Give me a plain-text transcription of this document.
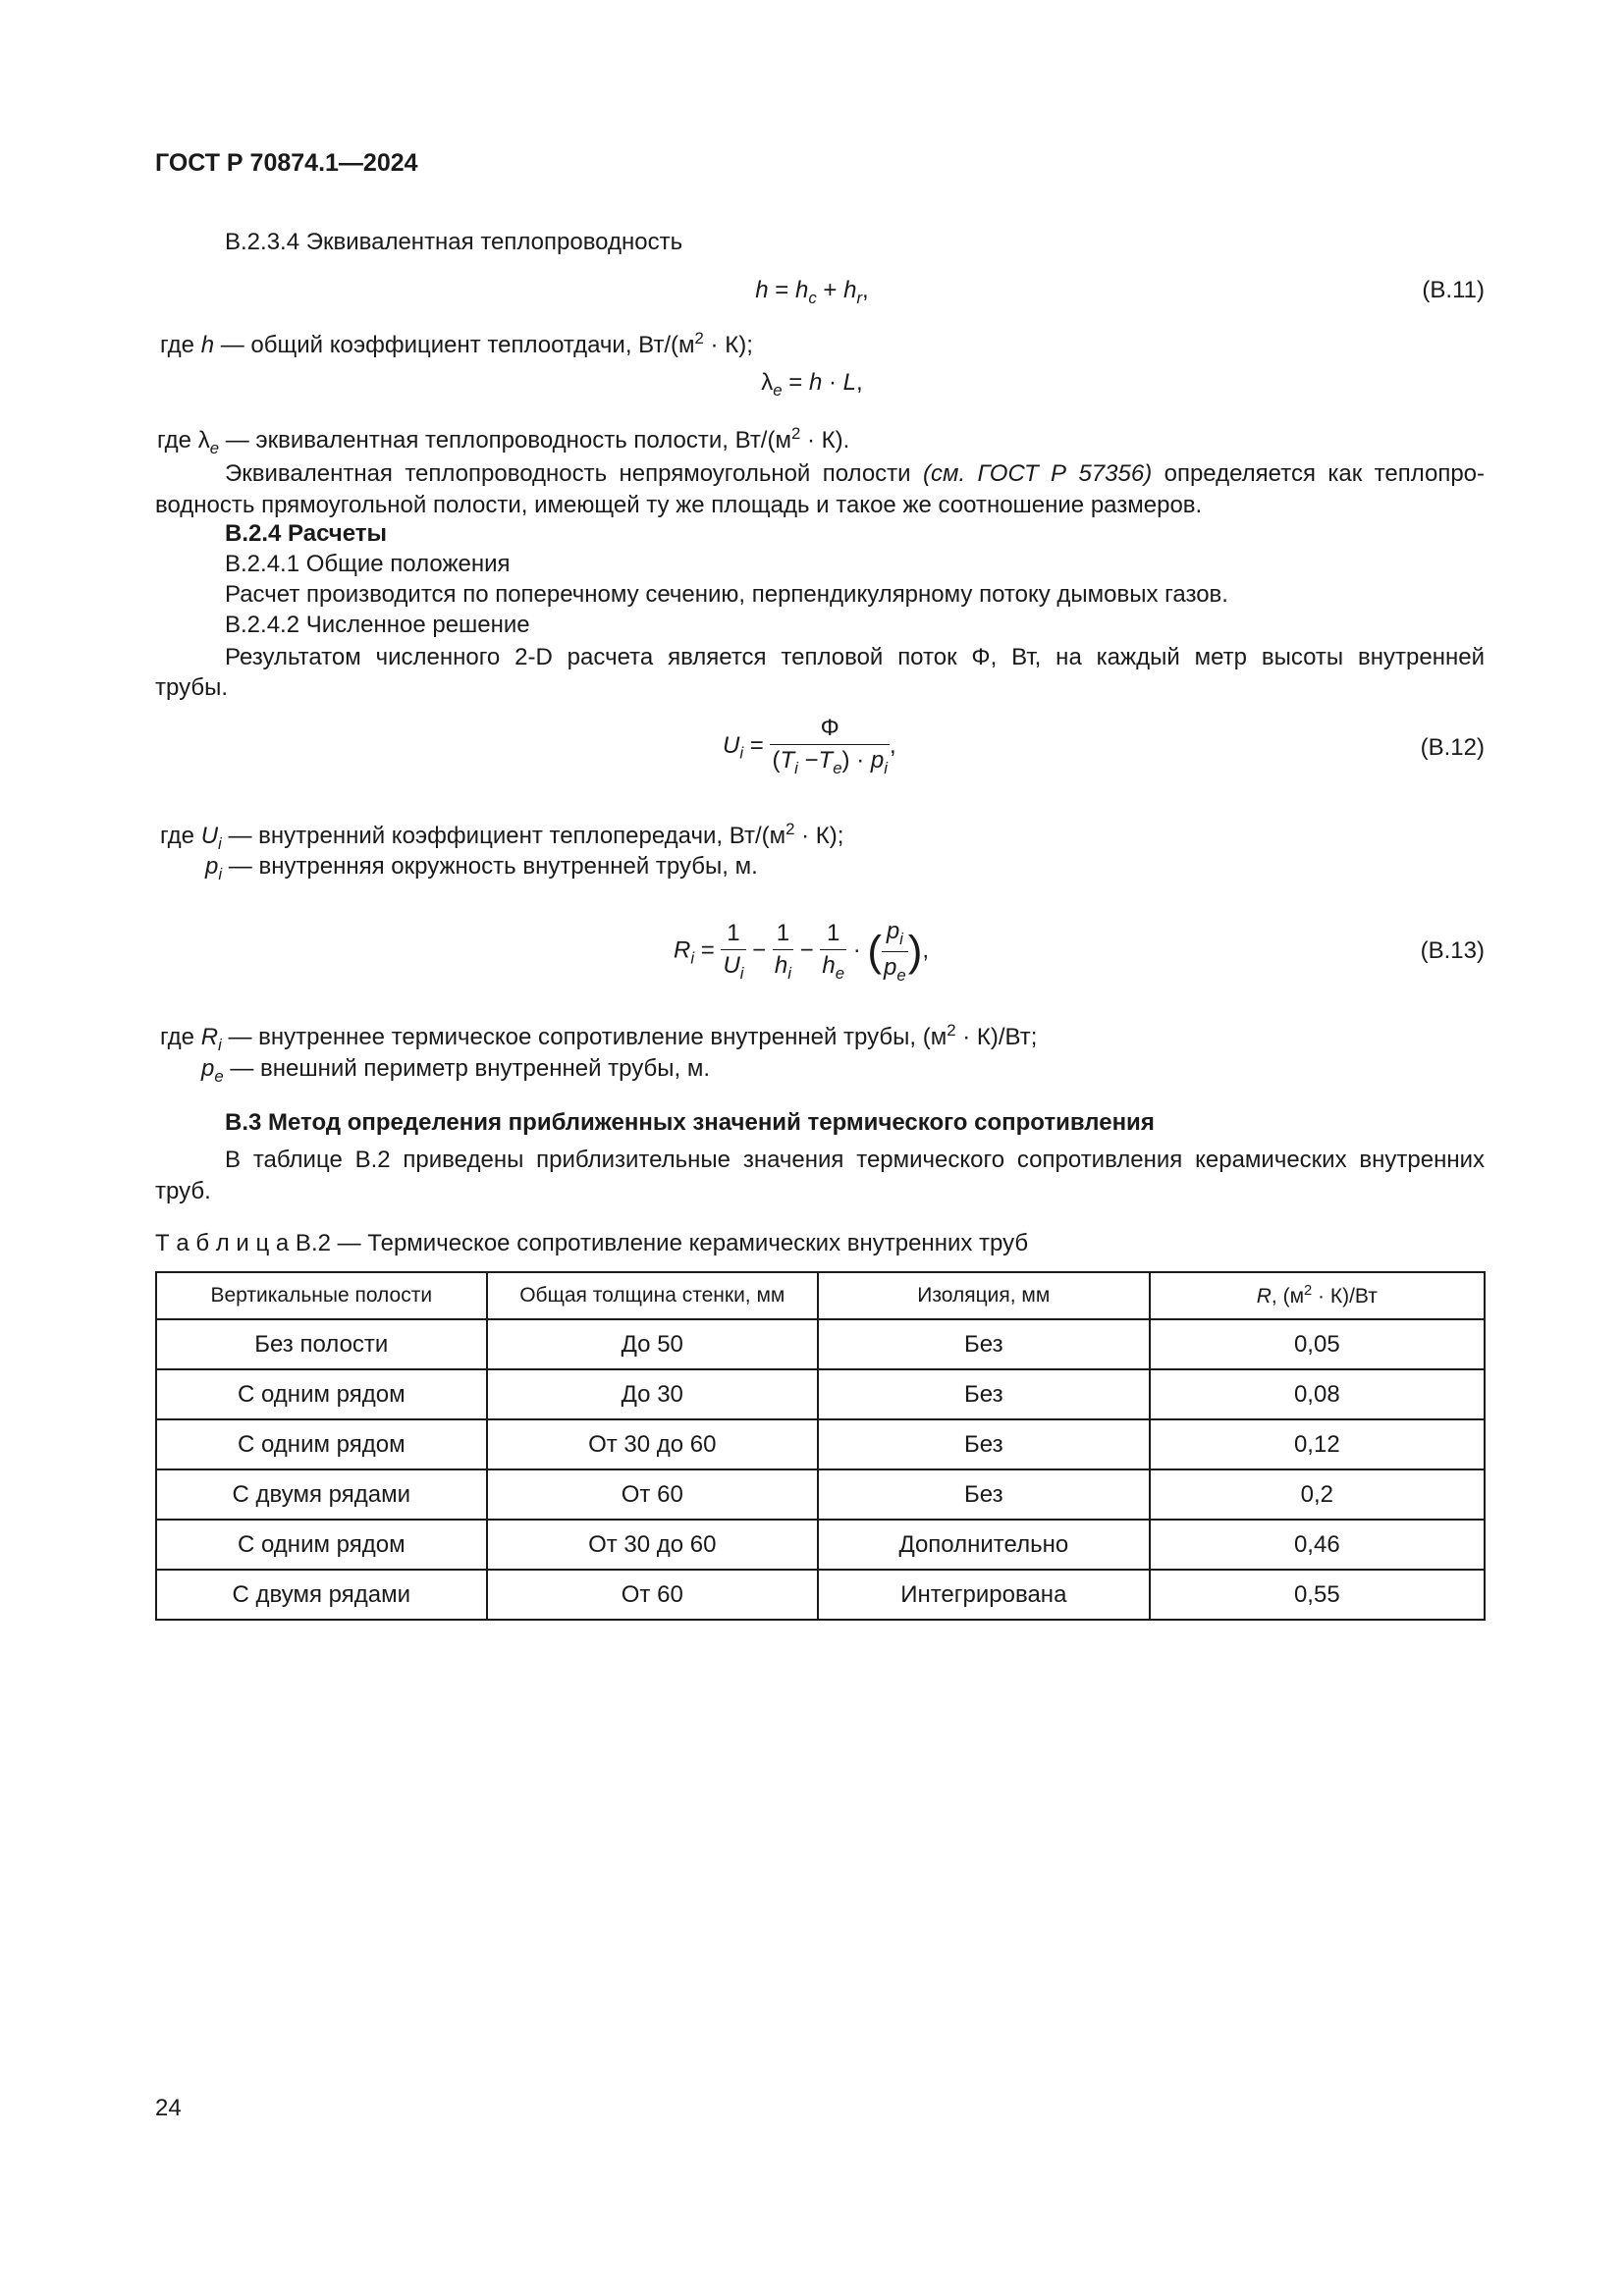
ГОСТ Р 70874.1—2024
В.2.3.4 Эквивалентная теплопроводность
$h = h_c + h_r$,	(B.11)
где h — общий коэффициент теплоотдачи, $Вт/(м^2 \cdot К)$;
$\lambda_e = h \cdot L$,
где $\lambda_e$ — эквивалентная теплопроводность полости, $Вт/(м^2 \cdot К)$.
Эквивалентная теплопроводность непрямоугольной полости (см. ГОСТ Р 57356) определяется как теплопро-
водность прямоугольной полости, имеющей ту же площадь и такое же соотношение размеров.
В.2.4 Расчеты
В.2.4.1 Общие положения
Расчет производится по поперечному сечению, перпендикулярному потоку дымовых газов.
В.2.4.2 Численное решение
Результатом численного 2-D расчета является тепловой поток Φ, Вт, на каждый метр высоты внутренней
трубы.
$U_i = \frac{\Phi}{(T_i -T_e) \cdot p_i}$ ,	(B.12)
где $U_i$ — внутренний коэффициент теплопередачи, $Вт/(м^2 \cdot К)$;
$p_i$ — внутренняя окружность внутренней трубы, м.
$R_i = \frac{1}{U_i} - \frac{1}{h_i} - \frac{1}{h_e}$ · ( $\frac{p_i}{p_e}$ ),	(B.13)
где $R_i$ — внутреннее термическое сопротивление внутренней трубы, $(м^2 \cdot К)/Вт$;
$p_e$ — внешний периметр внутренней трубы, м.
В.3 Метод определения приближенных значений термического сопротивления
В таблице В.2 приведены приблизительные значения термического сопротивления керамических внутренних
труб.
Т а б л и ц а В.2 — Термическое сопротивление керамических внутренних труб
Вертикальные полости	Общая толщина стенки, мм	Изоляция, мм	R, $(м^2 \cdot К)/Вт$
Без полости	До 50	Без	0,05
С одним рядом	До 30	Без	0,08
С одним рядом	От 30 до 60	Без	0,12
С двумя рядами	От 60	Без	0,2
С одним рядом	От 30 до 60	Дополнительно	0,46
С двумя рядами	От 60	Интегрирована	0,55
24
